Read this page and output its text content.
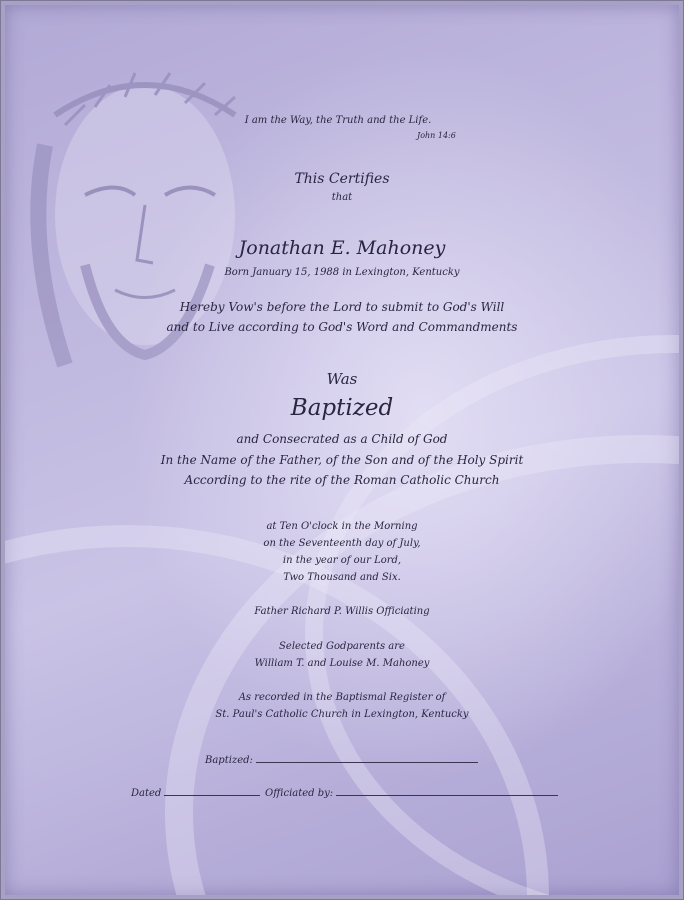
I am the Way, the Truth and the Life.
John 14:6
This Certifies
that
Jonathan E. Mahoney
Born January 15, 1988 in Lexington, Kentucky
Hereby Vow's before the Lord to submit to God's Will
and to Live according to God's Word and Commandments
Was
Baptized
and Consecrated as a Child of God
In the Name of the Father, of the Son and of the Holy Spirit
According to the rite of the Roman Catholic Church
at Ten O'clock in the Morning
on the Seventeenth day of July,
in the year of our Lord,
Two Thousand and Six.
Father Richard P. Willis Officiating
Selected Godparents are
William T. and Louise M. Mahoney
As recorded in the Baptismal Register of
St. Paul's Catholic Church in Lexington, Kentucky
Baptized:
Dated	Officiated by:
